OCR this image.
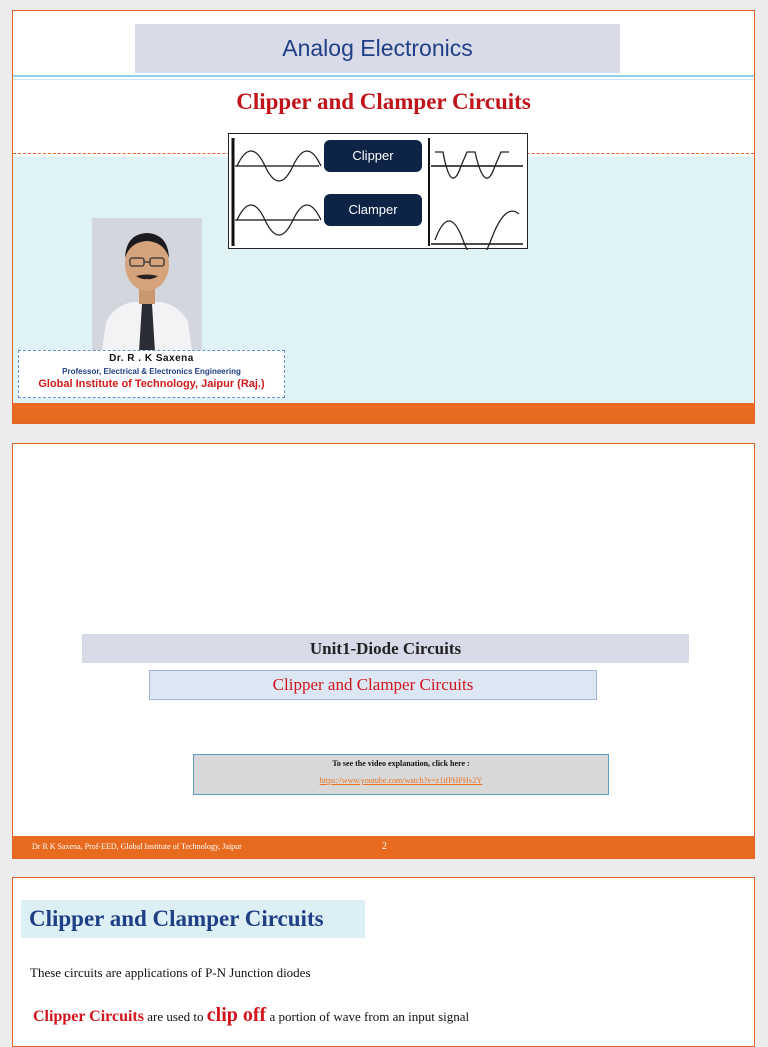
Analog Electronics
Clipper and Clamper Circuits
Clipper
Clamper
Dr. R . K Saxena
Professor, Electrical & Electronics Engineering
Global Institute of Technology, Jaipur (Raj.)
Unit1-Diode Circuits
Clipper and Clamper Circuits
To see the video explanation, click here :
https://www.youtube.com/watch?v=z1ifPHPHv2Y
Dr R K Saxena, Prof-EED, Global Institute of Technology, Jaipur	2
Clipper and Clamper Circuits
These circuits are applications of P-N Junction diodes
Clipper Circuits are used to clip off a portion of wave from an input signal
